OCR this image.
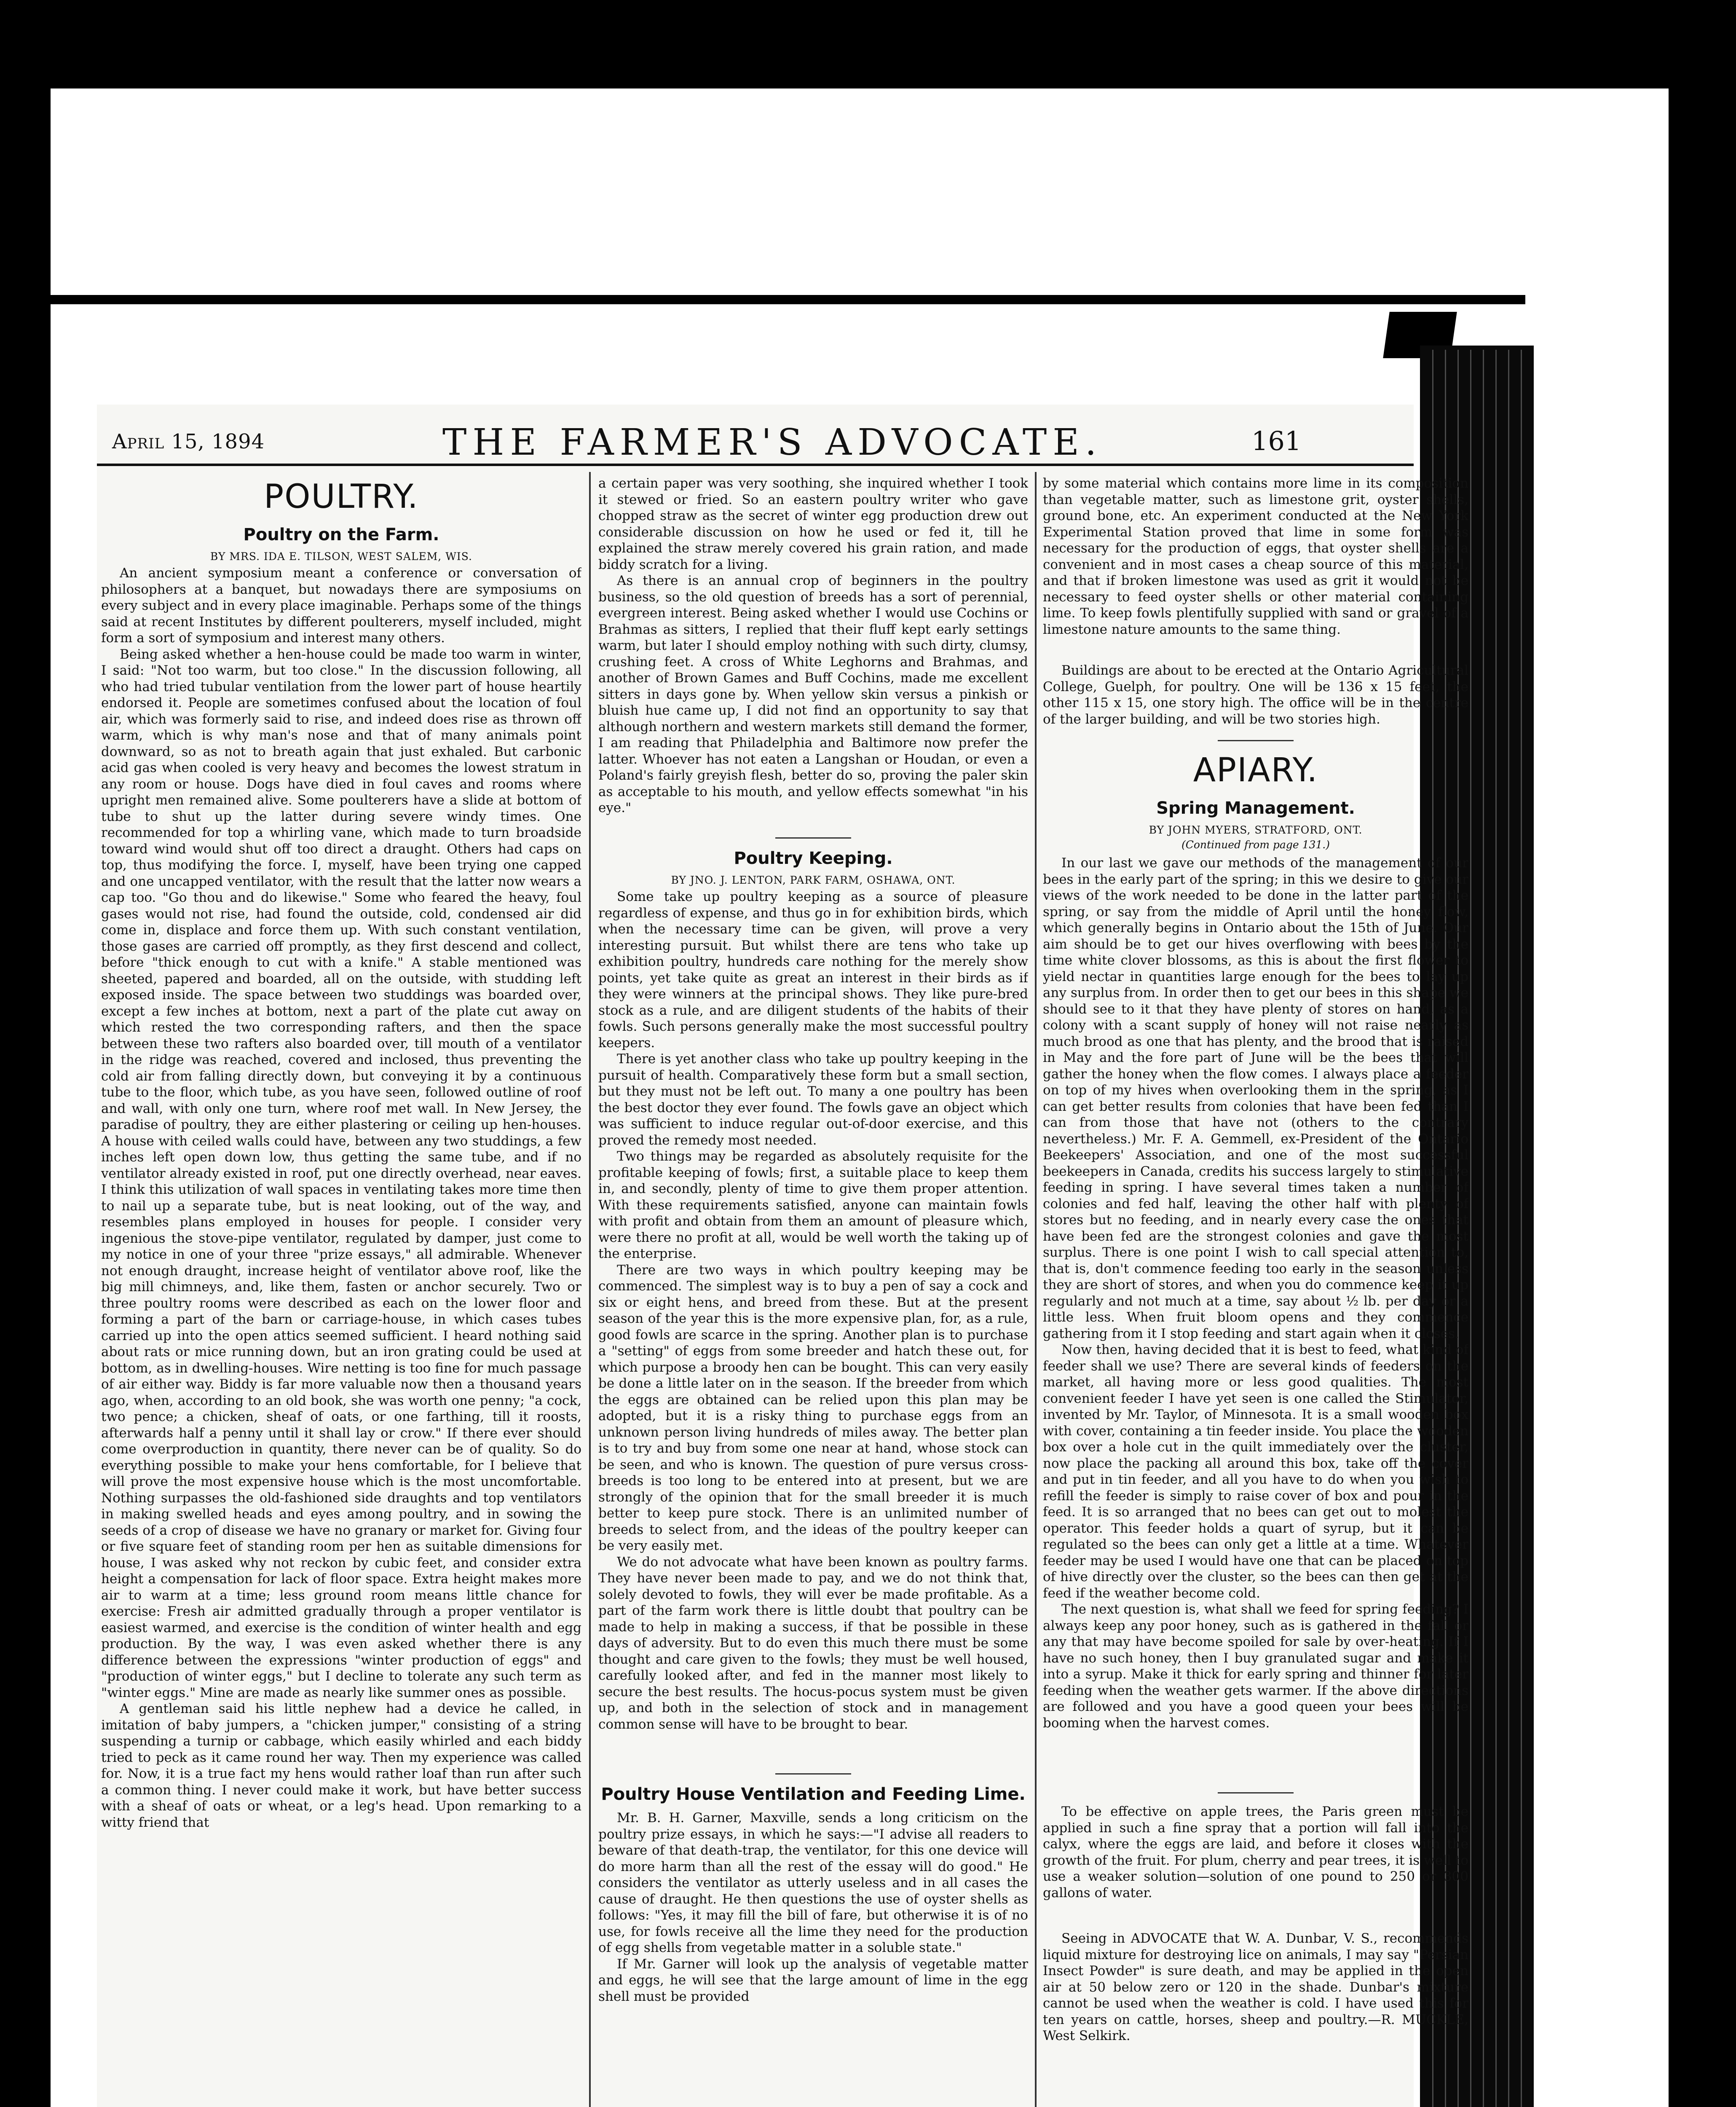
April 15, 1894	THE FARMER'S ADVOCATE.	161
POULTRY.
Poultry on the Farm.
BY MRS. IDA E. TILSON, WEST SALEM, WIS.

An ancient symposium meant a conference or conversation of philosophers at a banquet, but nowadays there are symposiums on every subject and in every place imaginable. Perhaps some of the things said at recent Institutes by different poulterers, myself included, might form a sort of symposium and interest many others.

Being asked whether a hen-house could be made too warm in winter, I said: "Not too warm, but too close." In the discussion following, all who had tried tubular ventilation from the lower part of house heartily endorsed it. People are sometimes confused about the location of foul air, which was formerly said to rise, and indeed does rise as thrown off warm, which is why man's nose and that of many animals point downward, so as not to breath again that just exhaled. But carbonic acid gas when cooled is very heavy and becomes the lowest stratum in any room or house. Dogs have died in foul caves and rooms where upright men remained alive. Some poulterers have a slide at bottom of tube to shut up the latter during severe windy times. One recommended for top a whirling vane, which made to turn broadside toward wind would shut off too direct a draught. Others had caps on top, thus modifying the force. I, myself, have been trying one capped and one uncapped ventilator, with the result that the latter now wears a cap too. "Go thou and do likewise." Some who feared the heavy, foul gases would not rise, had found the outside, cold, condensed air did come in, displace and force them up. With such constant ventilation, those gases are carried off promptly, as they first descend and collect, before "thick enough to cut with a knife." A stable mentioned was sheeted, papered and boarded, all on the outside, with studding left exposed inside. The space between two studdings was boarded over, except a few inches at bottom, next a part of the plate cut away on which rested the two corresponding rafters, and then the space between these two rafters also boarded over, till mouth of a ventilator in the ridge was reached, covered and inclosed, thus preventing the cold air from falling directly down, but conveying it by a continuous tube to the floor, which tube, as you have seen, followed outline of roof and wall, with only one turn, where roof met wall. In New Jersey, the paradise of poultry, they are either plastering or ceiling up hen-houses. A house with ceiled walls could have, between any two studdings, a few inches left open down low, thus getting the same tube, and if no ventilator already existed in roof, put one directly overhead, near eaves. I think this utilization of wall spaces in ventilating takes more time then to nail up a separate tube, but is neat looking, out of the way, and resembles plans employed in houses for people. I consider very ingenious the stove-pipe ventilator, regulated by damper, just come to my notice in one of your three "prize essays," all admirable. Whenever not enough draught, increase height of ventilator above roof, like the big mill chimneys, and, like them, fasten or anchor securely. Two or three poultry rooms were described as each on the lower floor and forming a part of the barn or carriage-house, in which cases tubes carried up into the open attics seemed sufficient. I heard nothing said about rats or mice running down, but an iron grating could be used at bottom, as in dwelling-houses. Wire netting is too fine for much passage of air either way. Biddy is far more valuable now then a thousand years ago, when, according to an old book, she was worth one penny; "a cock, two pence; a chicken, sheaf of oats, or one farthing, till it roosts, afterwards half a penny until it shall lay or crow." If there ever should come overproduction in quantity, there never can be of quality. So do everything possible to make your hens comfortable, for I believe that will prove the most expensive house which is the most uncomfortable. Nothing surpasses the old-fashioned side draughts and top ventilators in making swelled heads and eyes among poultry, and in sowing the seeds of a crop of disease we have no granary or market for. Giving four or five square feet of standing room per hen as suitable dimensions for house, I was asked why not reckon by cubic feet, and consider extra height a compensation for lack of floor space. Extra height makes more air to warm at a time; less ground room means little chance for exercise: Fresh air admitted gradually through a proper ventilator is easiest warmed, and exercise is the condition of winter health and egg production. By the way, I was even asked whether there is any difference between the expressions "winter production of eggs" and "production of winter eggs," but I decline to tolerate any such term as "winter eggs." Mine are made as nearly like summer ones as possible.

A gentleman said his little nephew had a device he called, in imitation of baby jumpers, a "chicken jumper," consisting of a string suspending a turnip or cabbage, which easily whirled and each biddy tried to peck as it came round her way. Then my experience was called for. Now, it is a true fact my hens would rather loaf than run after such a common thing. I never could make it work, but have better success with a sheaf of oats or wheat, or a leg's head. Upon remarking to a witty friend that

a certain paper was very soothing, she inquired whether I took it stewed or fried. So an eastern poultry writer who gave chopped straw as the secret of winter egg production drew out considerable discussion on how he used or fed it, till he explained the straw merely covered his grain ration, and made biddy scratch for a living.

As there is an annual crop of beginners in the poultry business, so the old question of breeds has a sort of perennial, evergreen interest. Being asked whether I would use Cochins or Brahmas as sitters, I replied that their fluff kept early settings warm, but later I should employ nothing with such dirty, clumsy, crushing feet. A cross of White Leghorns and Brahmas, and another of Brown Games and Buff Cochins, made me excellent sitters in days gone by. When yellow skin versus a pinkish or bluish hue came up, I did not find an opportunity to say that although northern and western markets still demand the former, I am reading that Philadelphia and Baltimore now prefer the latter. Whoever has not eaten a Langshan or Houdan, or even a Poland's fairly greyish flesh, better do so, proving the paler skin as acceptable to his mouth, and yellow effects somewhat "in his eye."

Poultry Keeping.
BY JNO. J. LENTON, PARK FARM, OSHAWA, ONT.

Some take up poultry keeping as a source of pleasure regardless of expense, and thus go in for exhibition birds, which when the necessary time can be given, will prove a very interesting pursuit. But whilst there are tens who take up exhibition poultry, hundreds care nothing for the merely show points, yet take quite as great an interest in their birds as if they were winners at the principal shows. They like pure-bred stock as a rule, and are diligent students of the habits of their fowls. Such persons generally make the most successful poultry keepers.

There is yet another class who take up poultry keeping in the pursuit of health. Comparatively these form but a small section, but they must not be left out. To many a one poultry has been the best doctor they ever found. The fowls gave an object which was sufficient to induce regular out-of-door exercise, and this proved the remedy most needed.

Two things may be regarded as absolutely requisite for the profitable keeping of fowls; first, a suitable place to keep them in, and secondly, plenty of time to give them proper attention. With these requirements satisfied, anyone can maintain fowls with profit and obtain from them an amount of pleasure which, were there no profit at all, would be well worth the taking up of the enterprise.

There are two ways in which poultry keeping may be commenced. The simplest way is to buy a pen of say a cock and six or eight hens, and breed from these. But at the present season of the year this is the more expensive plan, for, as a rule, good fowls are scarce in the spring. Another plan is to purchase a "setting" of eggs from some breeder and hatch these out, for which purpose a broody hen can be bought. This can very easily be done a little later on in the season. If the breeder from which the eggs are obtained can be relied upon this plan may be adopted, but it is a risky thing to purchase eggs from an unknown person living hundreds of miles away. The better plan is to try and buy from some one near at hand, whose stock can be seen, and who is known. The question of pure versus cross-breeds is too long to be entered into at present, but we are strongly of the opinion that for the small breeder it is much better to keep pure stock. There is an unlimited number of breeds to select from, and the ideas of the poultry keeper can be very easily met.

We do not advocate what have been known as poultry farms. They have never been made to pay, and we do not think that, solely devoted to fowls, they will ever be made profitable. As a part of the farm work there is little doubt that poultry can be made to help in making a success, if that be possible in these days of adversity. But to do even this much there must be some thought and care given to the fowls; they must be well housed, carefully looked after, and fed in the manner most likely to secure the best results. The hocus-pocus system must be given up, and both in the selection of stock and in management common sense will have to be brought to bear.

Poultry House Ventilation and Feeding Lime.

Mr. B. H. Garner, Maxville, sends a long criticism on the poultry prize essays, in which he says:—"I advise all readers to beware of that death-trap, the ventilator, for this one device will do more harm than all the rest of the essay will do good." He considers the ventilator as utterly useless and in all cases the cause of draught. He then questions the use of oyster shells as follows: "Yes, it may fill the bill of fare, but otherwise it is of no use, for fowls receive all the lime they need for the production of egg shells from vegetable matter in a soluble state."

If Mr. Garner will look up the analysis of vegetable matter and eggs, he will see that the large amount of lime in the egg shell must be provided

by some material which contains more lime in its composition than vegetable matter, such as limestone grit, oyster shells, ground bone, etc. An experiment conducted at the New York Experimental Station proved that lime in some form was necessary for the production of eggs, that oyster shells are a convenient and in most cases a cheap source of this material, and that if broken limestone was used as grit it would not be necessary to feed oyster shells or other material containing lime. To keep fowls plentifully supplied with sand or gravel of a limestone nature amounts to the same thing.

Buildings are about to be erected at the Ontario Agricultural College, Guelph, for poultry. One will be 136 x 15 feet, the other 115 x 15, one story high. The office will be in the centre of the larger building, and will be two stories high.

APIARY.
Spring Management.
BY JOHN MYERS, STRATFORD, ONT.
(Continued from page 131.)

In our last we gave our methods of the management of our bees in the early part of the spring; in this we desire to give our views of the work needed to be done in the latter part of the spring, or say from the middle of April until the honey flow, which generally begins in Ontario about the 15th of June. Our aim should be to get our hives overflowing with bees by the time white clover blossoms, as this is about the first flower to yield nectar in quantities large enough for the bees to lay up any surplus from. In order then to get our bees in this shape we should see to it that they have plenty of stores on hand, as a colony with a scant supply of honey will not raise nearly as much brood as one that has plenty, and the brood that is raised in May and the fore part of June will be the bees that will gather the honey when the flow comes. I always place a feeder on top of my hives when overlooking them in the spring, as I can get better results from colonies that have been fed than I can from those that have not (others to the contrary nevertheless.) Mr. F. A. Gemmell, ex-President of the Ontario Beekeepers' Association, and one of the most successful beekeepers in Canada, credits his success largely to stimulative feeding in spring. I have several times taken a number of colonies and fed half, leaving the other half with plenty of stores but no feeding, and in nearly every case the ones that have been fed are the strongest colonies and gave the most surplus. There is one point I wish to call special attention to, that is, don't commence feeding too early in the season unless they are short of stores, and when you do commence keep it up regularly and not much at a time, say about ½ lb. per day or a little less. When fruit bloom opens and they commence gathering from it I stop feeding and start again when it closes.

Now then, having decided that it is best to feed, what kind of feeder shall we use? There are several kinds of feeders on the market, all having more or less good qualities. The most convenient feeder I have yet seen is one called the Stimulator, invented by Mr. Taylor, of Minnesota. It is a small wooden box with cover, containing a tin feeder inside. You place the wooden box over a hole cut in the quilt immediately over the cluster, now place the packing all around this box, take off the cover and put in tin feeder, and all you have to do when you wish to refill the feeder is simply to raise cover of box and pour in the feed. It is so arranged that no bees can get out to molest the operator. This feeder holds a quart of syrup, but it can be regulated so the bees can only get a little at a time. Whatever feeder may be used I would have one that can be placed on top of hive directly over the cluster, so the bees can then get at the feed if the weather become cold.

The next question is, what shall we feed for spring feeding? I always keep any poor honey, such as is gathered in the fall or any that may have become spoiled for sale by over-heating. If I have no such honey, then I buy granulated sugar and make it into a syrup. Make it thick for early spring and thinner for later feeding when the weather gets warmer. If the above directions are followed and you have a good queen your bees will be booming when the harvest comes.

To be effective on apple trees, the Paris green must be applied in such a fine spray that a portion will fall into the calyx, where the eggs are laid, and before it closes with the growth of the fruit. For plum, cherry and pear trees, it is well to use a weaker solution—solution of one pound to 250 or 300 gallons of water.

Seeing in ADVOCATE that W. A. Dunbar, V. S., recommends liquid mixture for destroying lice on animals, I may say "Persian Insect Powder" is sure death, and may be applied in the open air at 50 below zero or 120 in the shade. Dunbar's mixture cannot be used when the weather is cold. I have used this for ten years on cattle, horses, sheep and poultry.—R. MUCKLE, West Selkirk.
